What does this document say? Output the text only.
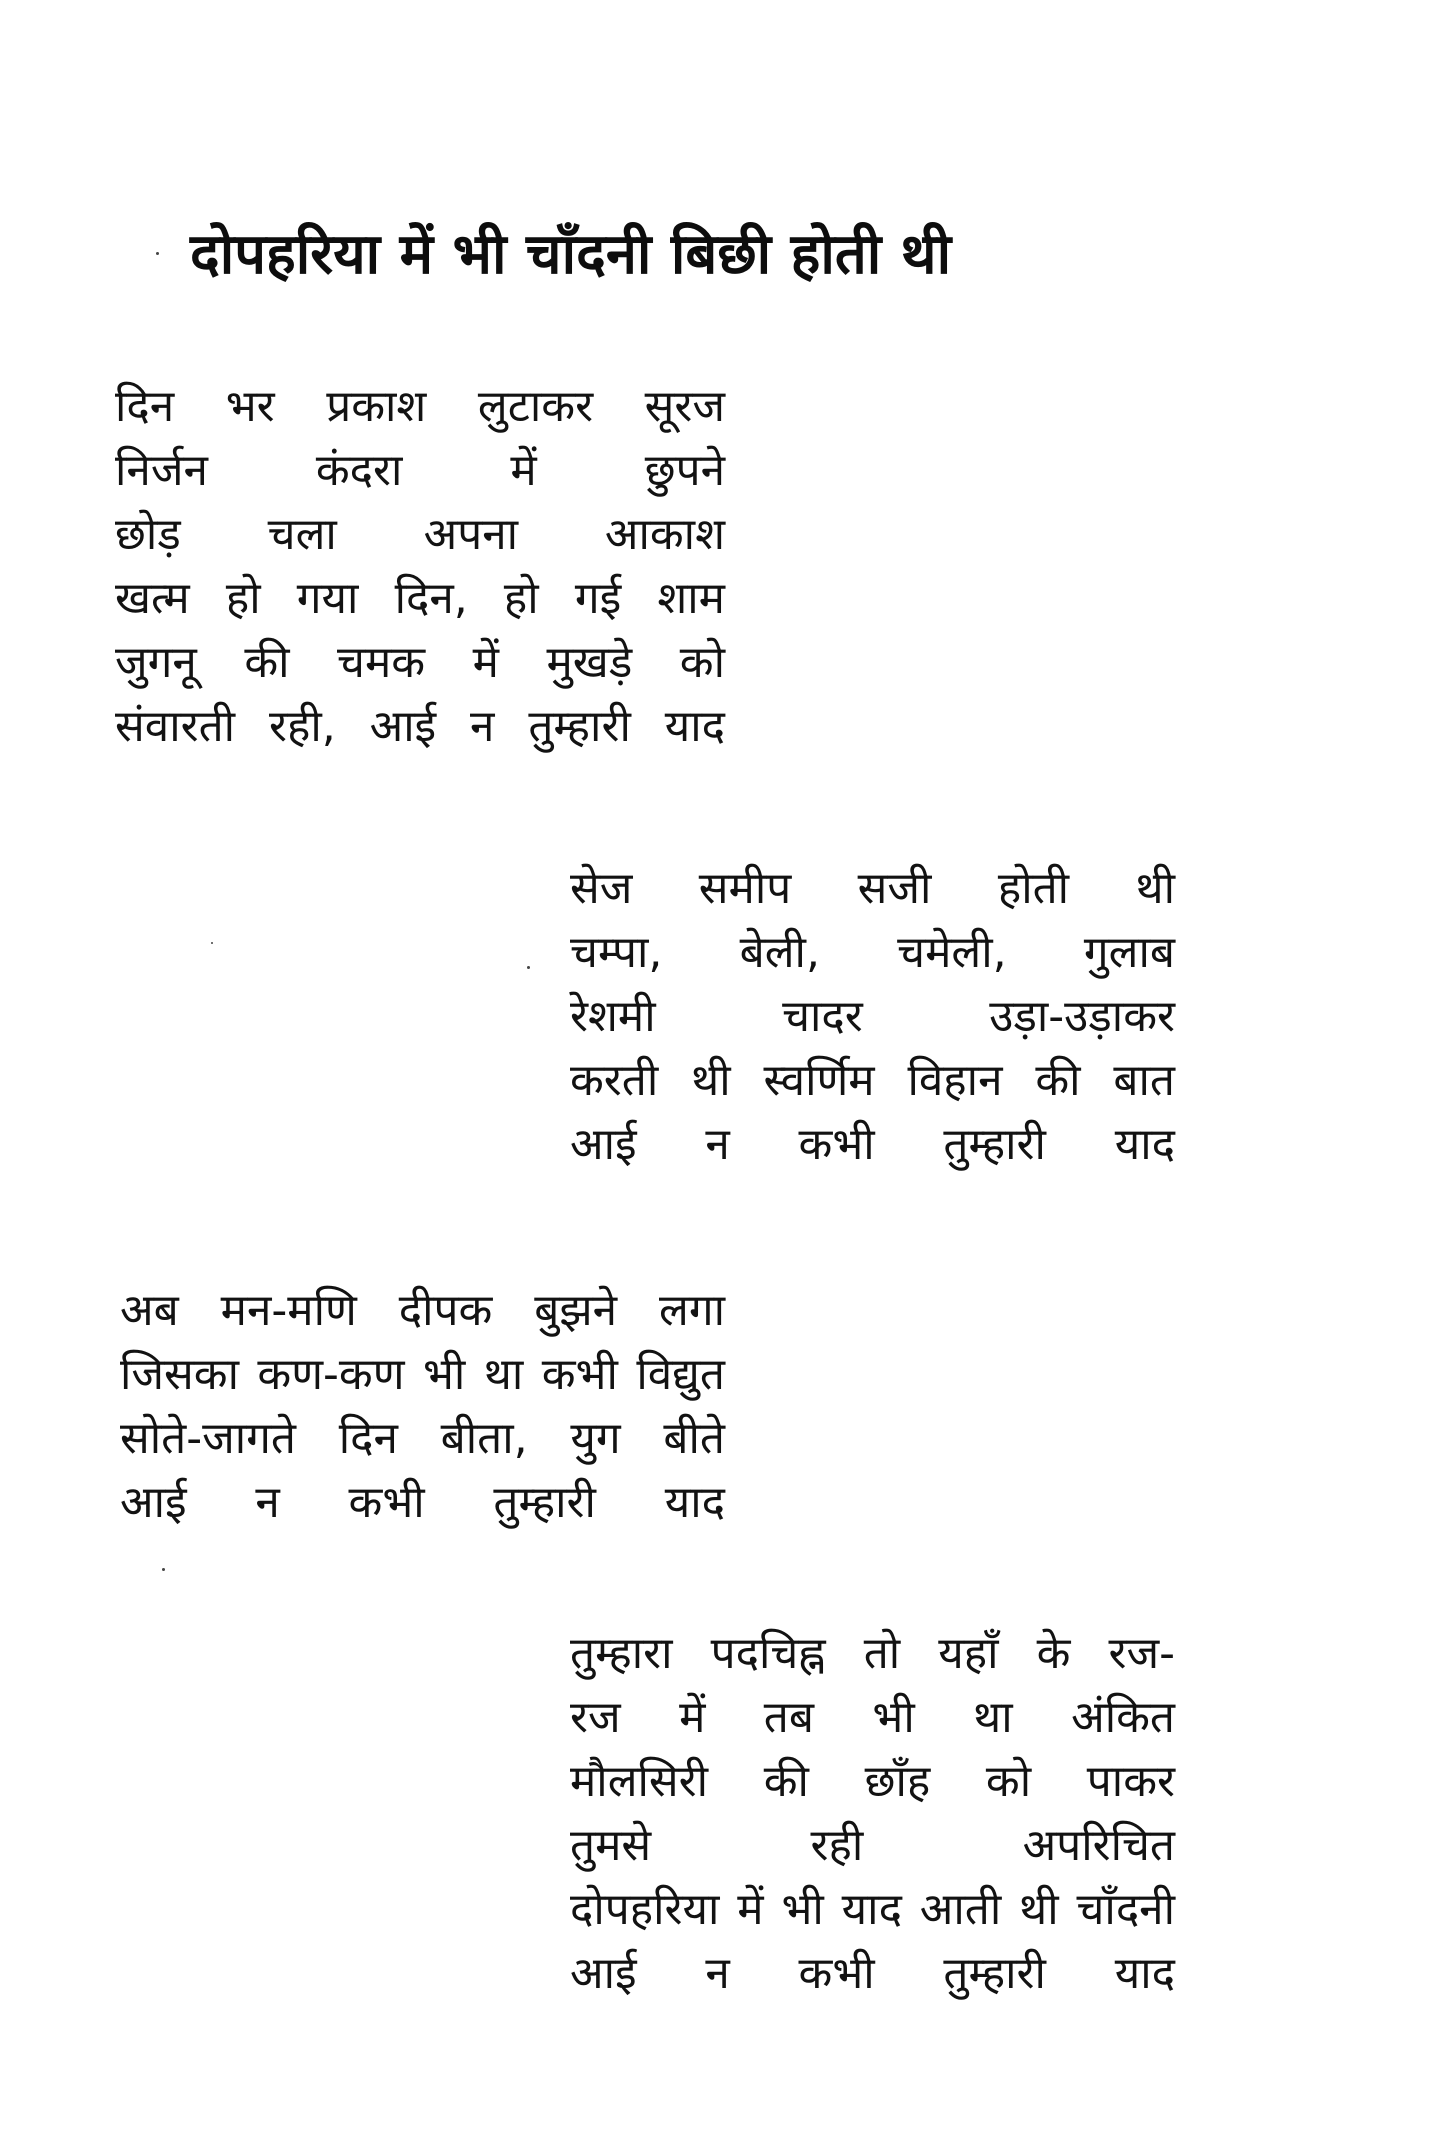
दोपहरिया में भी चाँदनी बिछी होती थी
दिन भर प्रकाश लुटाकर सूरज
निर्जन कंदरा में छुपने
छोड़ चला अपना आकाश
खत्म हो गया दिन, हो गई शाम
जुगनू की चमक में मुखड़े को
संवारती रही, आई न तुम्हारी याद
सेज समीप सजी होती थी
चम्पा, बेली, चमेली, गुलाब
रेशमी चादर उड़ा-उड़ाकर
करती थी स्वर्णिम विहान की बात
आई न कभी तुम्हारी याद
अब मन-मणि दीपक बुझने लगा
जिसका कण-कण भी था कभी विद्युत
सोते-जागते दिन बीता, युग बीते
आई न कभी तुम्हारी याद
तुम्हारा पदचिह्न तो यहाँ के रज-
रज में तब भी था अंकित
मौलसिरी की छाँह को पाकर
तुमसे रही अपरिचित
दोपहरिया में भी याद आती थी चाँदनी
आई न कभी तुम्हारी याद
